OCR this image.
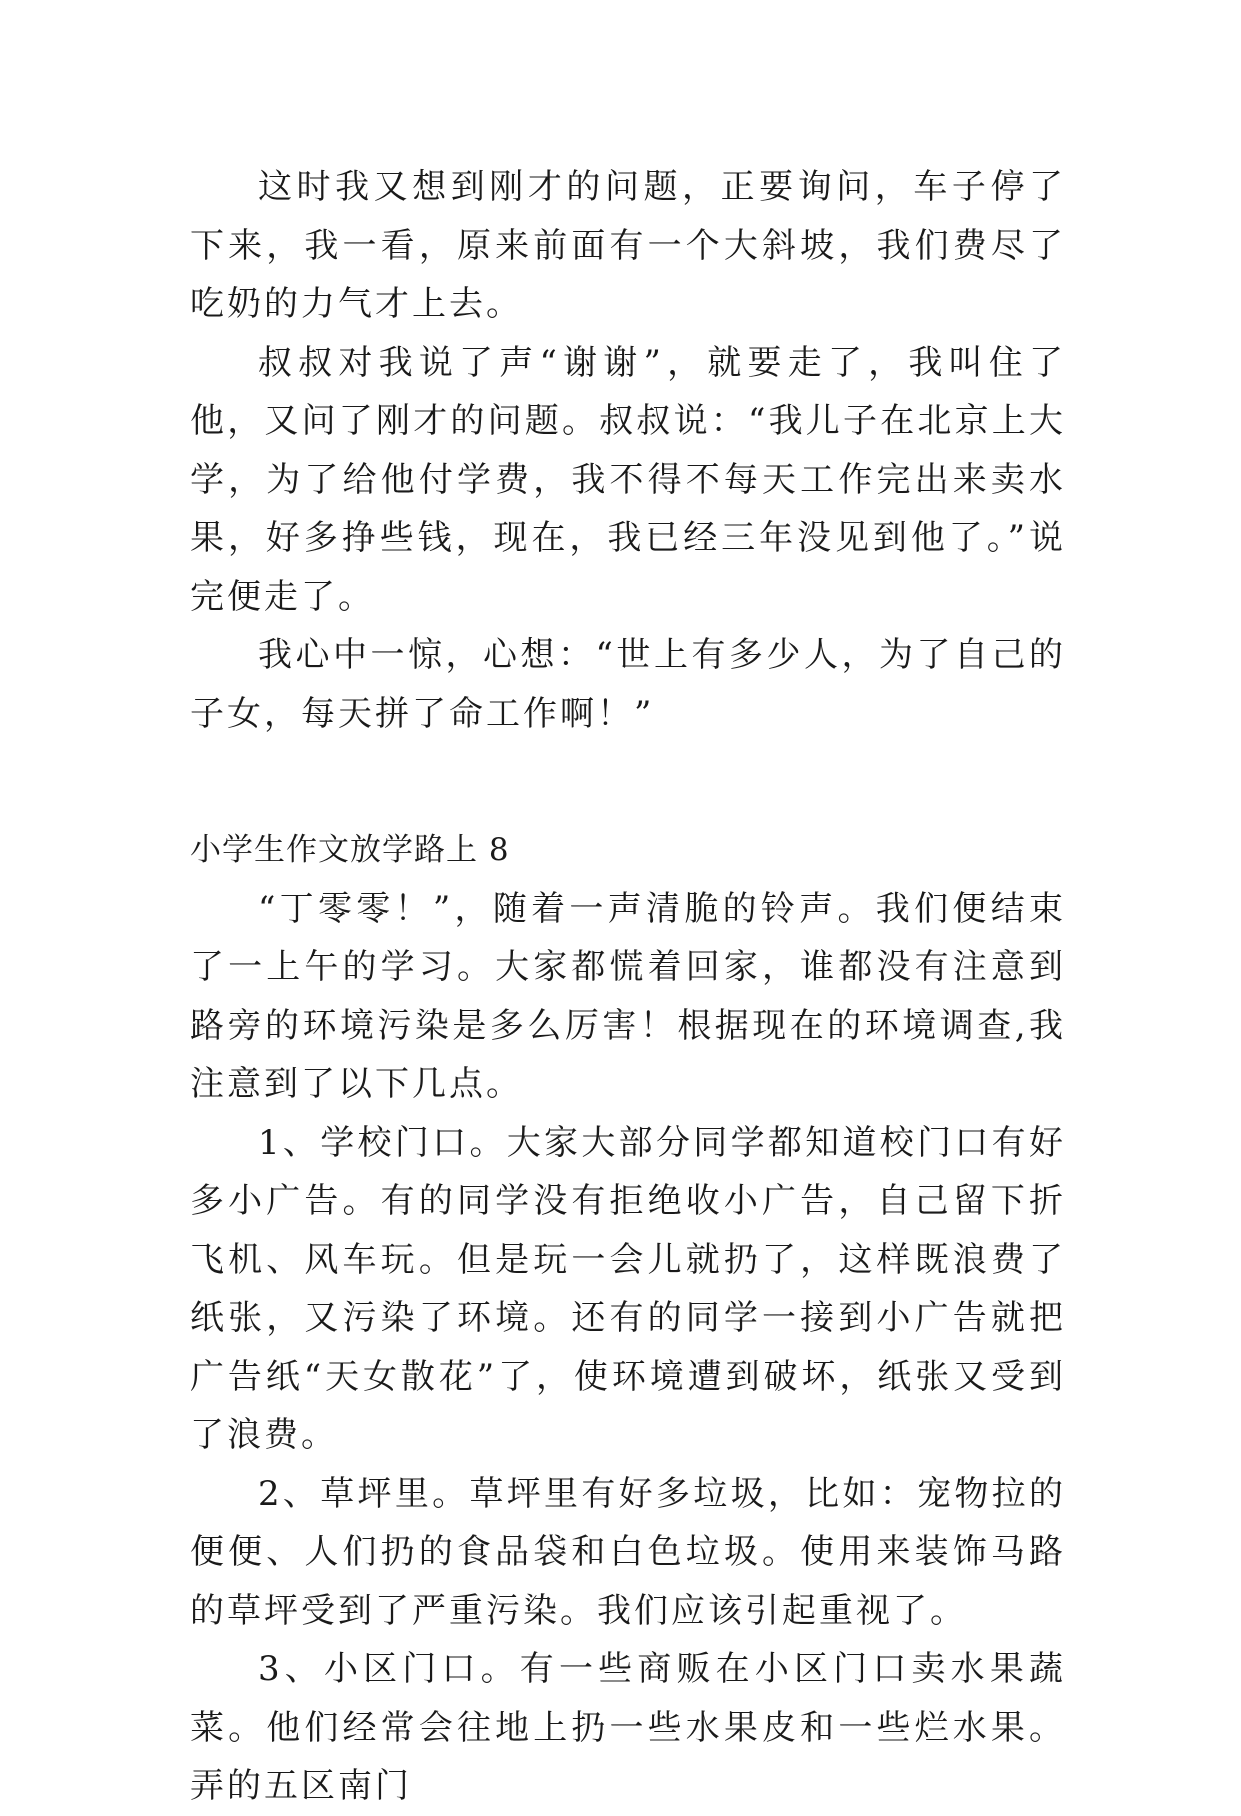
这时我又想到刚才的问题，正要询问，车子停了下来，我一看，原来前面有一个大斜坡，我们费尽了吃奶的力气才上去。

叔叔对我说了声“谢谢”，就要走了，我叫住了他，又问了刚才的问题。叔叔说：“我儿子在北京上大学，为了给他付学费，我不得不每天工作完出来卖水果，好多挣些钱，现在，我已经三年没见到他了。”说完便走了。

我心中一惊，心想：“世上有多少人，为了自己的子女，每天拼了命工作啊！”

小学生作文放学路上 8

“丁零零！”，随着一声清脆的铃声。我们便结束了一上午的学习。大家都慌着回家，谁都没有注意到路旁的环境污染是多么厉害！根据现在的环境调查,我注意到了以下几点。

1、学校门口。大家大部分同学都知道校门口有好多小广告。有的同学没有拒绝收小广告，自己留下折飞机、风车玩。但是玩一会儿就扔了，这样既浪费了纸张，又污染了环境。还有的同学一接到小广告就把广告纸“天女散花”了，使环境遭到破坏，纸张又受到了浪费。

2、草坪里。草坪里有好多垃圾，比如：宠物拉的便便、人们扔的食品袋和白色垃圾。使用来装饰马路的草坪受到了严重污染。我们应该引起重视了。

3、小区门口。有一些商贩在小区门口卖水果蔬菜。他们经常会往地上扔一些水果皮和一些烂水果。弄的五区南门
